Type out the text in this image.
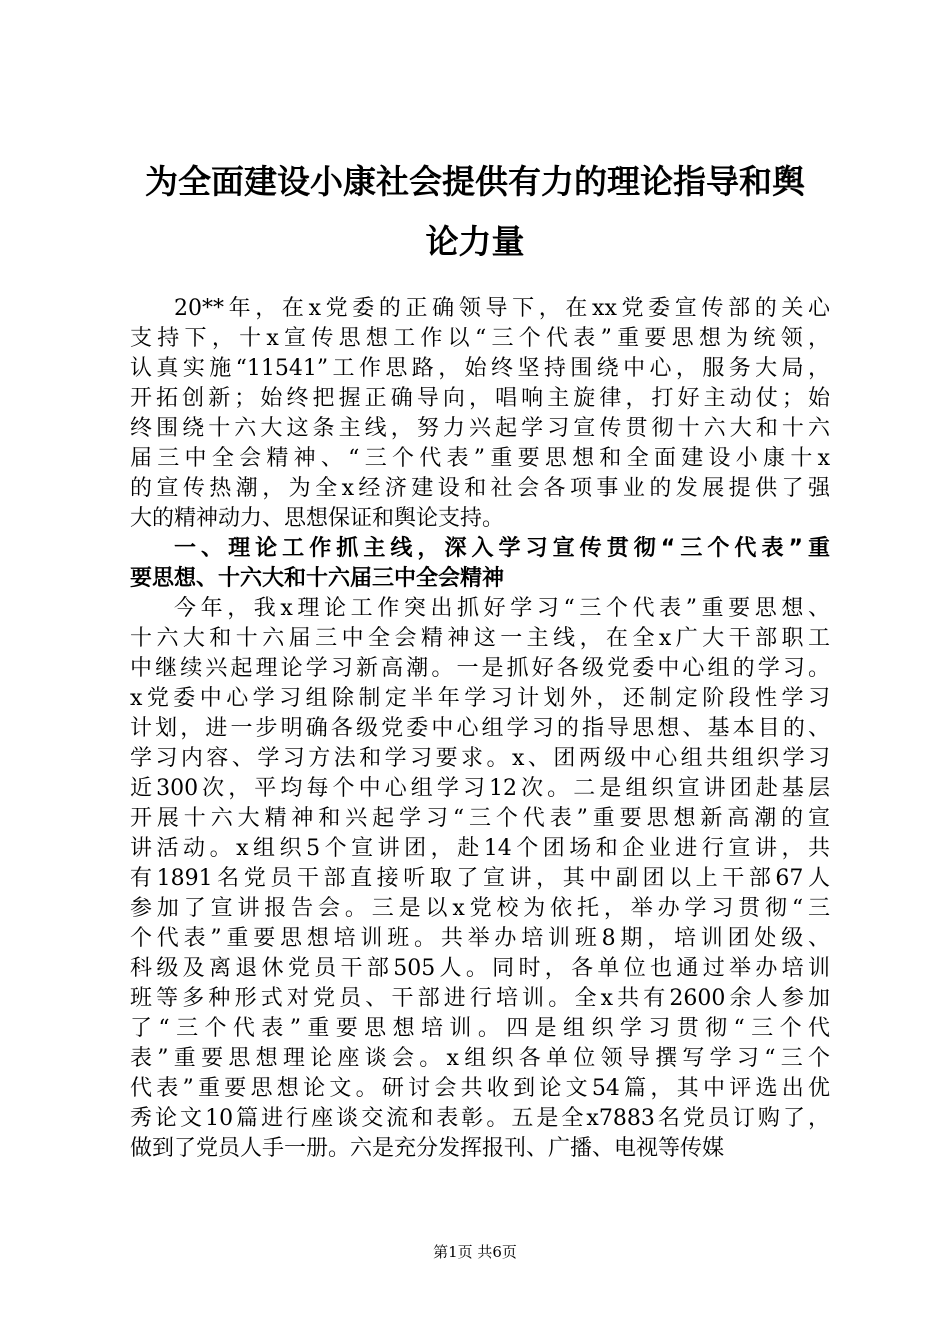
为全面建设小康社会提供有力的理论指导和舆
论力量
20**年，在x党委的正确领导下，在xx党委宣传部的关心
支持下，十x宣传思想工作以“三个代表”重要思想为统领，
认真实施“11541”工作思路，始终坚持围绕中心，服务大局，
开拓创新；始终把握正确导向，唱响主旋律，打好主动仗；始
终围绕十六大这条主线，努力兴起学习宣传贯彻十六大和十六
届三中全会精神、“三个代表”重要思想和全面建设小康十x
的宣传热潮，为全x经济建设和社会各项事业的发展提供了强
大的精神动力、思想保证和舆论支持。
一、理论工作抓主线，深入学习宣传贯彻“三个代表”重
要思想、十六大和十六届三中全会精神
今年，我x理论工作突出抓好学习“三个代表”重要思想、
十六大和十六届三中全会精神这一主线，在全x广大干部职工
中继续兴起理论学习新高潮。一是抓好各级党委中心组的学习。
x党委中心学习组除制定半年学习计划外，还制定阶段性学习
计划，进一步明确各级党委中心组学习的指导思想、基本目的、
学习内容、学习方法和学习要求。x、团两级中心组共组织学习
近300次，平均每个中心组学习12次。二是组织宣讲团赴基层
开展十六大精神和兴起学习“三个代表”重要思想新高潮的宣
讲活动。x组织5个宣讲团，赴14个团场和企业进行宣讲，共
有1891名党员干部直接听取了宣讲，其中副团以上干部67人
参加了宣讲报告会。三是以x党校为依托，举办学习贯彻“三
个代表”重要思想培训班。共举办培训班8期，培训团处级、
科级及离退休党员干部505人。同时，各单位也通过举办培训
班等多种形式对党员、干部进行培训。全x共有2600余人参加
了“三个代表”重要思想培训。四是组织学习贯彻“三个代
表”重要思想理论座谈会。x组织各单位领导撰写学习“三个
代表”重要思想论文。研讨会共收到论文54篇，其中评选出优
秀论文10篇进行座谈交流和表彰。五是全x7883名党员订购了，
做到了党员人手一册。六是充分发挥报刊、广播、电视等传媒
第1页 共6页
